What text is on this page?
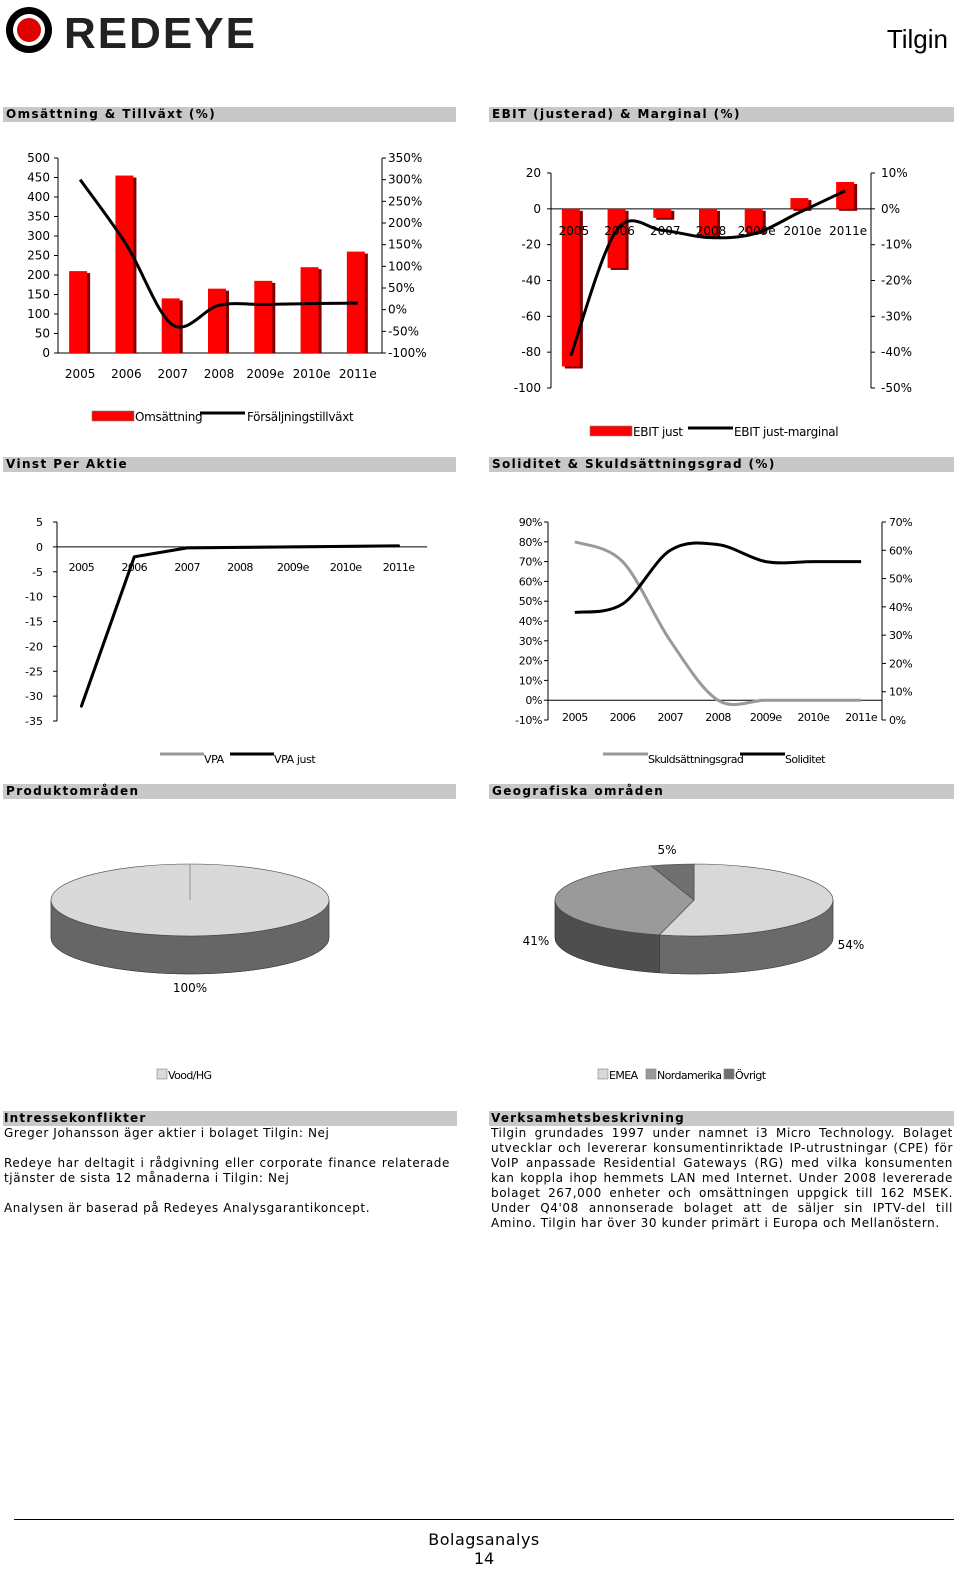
REDEYE	Tilgin
Omsättning & Tillväxt (%)	EBIT (justerad) & Marginal (%)
Vinst Per Aktie	Soliditet & Skuldsättningsgrad (%)
Produktområden	Geografiska områden
500
450
400
350
300
250
200
150
100
50
0
350%
300%
250%
200%
150%
100%
50%
0%
-50%
-100%
2005 2006 2007 2008 2009e 2010e 2011e
Omsättning	Försäljningstillväxt
20
0
-20
-40
-60
-80
-100
10%
0%
-10%
-20%
-30%
-40%
-50%
2005 2006 2007 2008 2009e 2010e 2011e
EBIT just	EBIT just-marginal
5
0
-5
-10
-15
-20
-25
-30
-35
2005 2006 2007 2008 2009e 2010e 2011e
VPA	VPA just
90%
80%
70%
60%
50%
40%
30%
20%
10%
0%
-10%
70%
60%
50%
40%
30%
20%
10%
0%
2005 2006 2007 2008 2009e 2010e 2011e
Skuldsättningsgrad	Soliditet
100%
Vood/HG
54%
41%
5%
EMEA Nordamerika Övrigt
Intressekonflikter
Greger Johansson äger aktier i bolaget Tilgin: Nej
Redeye har deltagit i rådgivning eller corporate finance relaterade tjänster de sista 12 månaderna i Tilgin: Nej
Analysen är baserad på Redeyes Analysgarantikoncept.
Verksamhetsbeskrivning
Tilgin grundades 1997 under namnet i3 Micro Technology. Bolaget utvecklar och levererar konsumentinriktade IP-utrustningar (CPE) för VoIP anpassade Residential Gateways (RG) med vilka konsumenten kan koppla ihop hemmets LAN med Internet. Under 2008 levererade bolaget 267,000 enheter och omsättningen uppgick till 162 MSEK. Under Q4'08 annonserade bolaget att de säljer sin IPTV-del till Amino. Tilgin har över 30 kunder primärt i Europa och Mellanöstern.
Bolagsanalys
14
